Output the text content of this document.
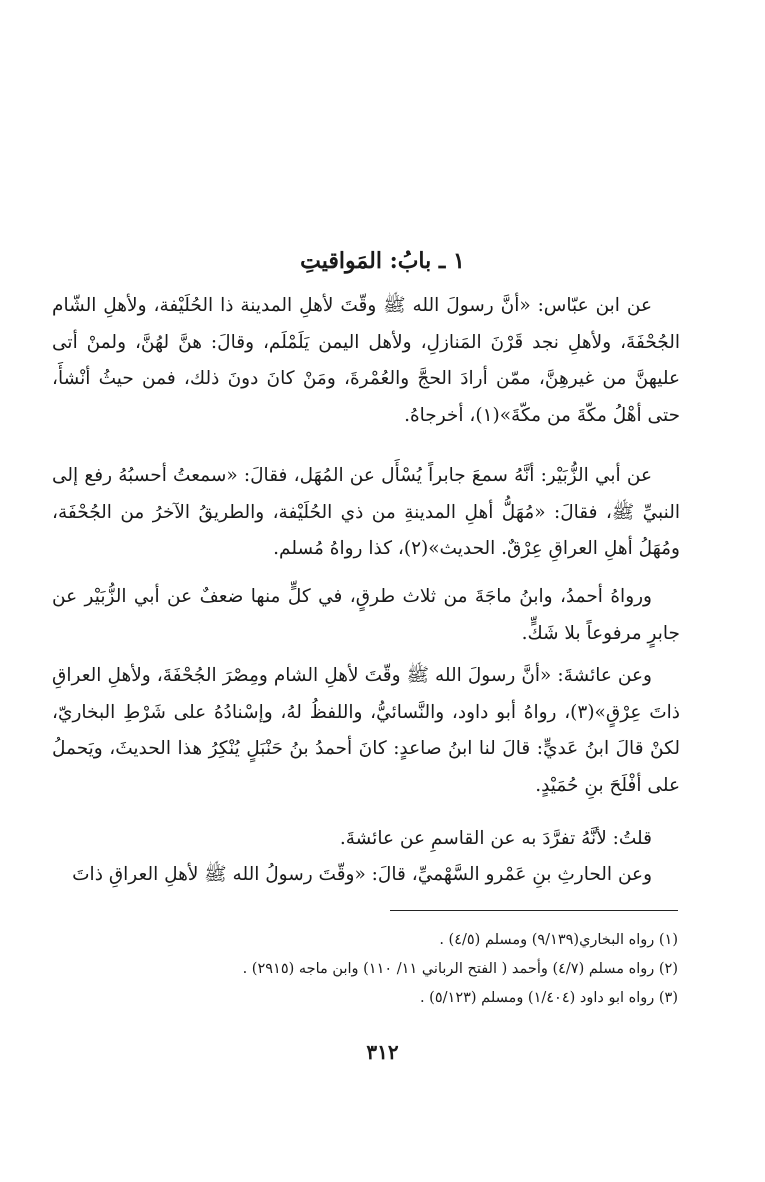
١ ـ بابُ: المَواقيتِ

عن ابن عبّاس: «أنَّ رسولَ الله ﷺ وقّتَ لأهلِ المدينة ذا الحُلَيْفة، ولأهلِ الشّام الجُحْفَةَ، ولأهلِ نجد قَرْنَ المَنازلِ، ولأهل اليمن يَلَمْلَم، وقالَ: هنَّ لهُنَّ، ولمنْ أتى عليهنَّ من غيرهِنَّ، ممّن أرادَ الحجَّ والعُمْرةَ، ومَنْ كانَ دونَ ذلك، فمن حيثُ أنْشأَ، حتى أهْلُ مكّةَ من مكّةَ»(١)، أخرجاهُ.

عن أبي الزُّبَيْر: أنَّهُ سمعَ جابراً يُسْأَل عن المُهَل، فقالَ: «سمعتُ أحسبُهُ رفع إلى النبيِّ ﷺ، فقالَ: «مُهَلُّ أهلِ المدينةِ من ذي الحُلَيْفة، والطريقُ الآخرُ من الجُحْفَة، ومُهَلُ أهلِ العراقِ عِرْقٌ. الحديث»(٢)، كذا رواهُ مُسلم.

ورواهُ أحمدُ، وابنُ ماجَةَ من ثلاث طرقٍ، في كلٍّ منها ضعفٌ عن أبي الزُّبَيْر عن جابرٍ مرفوعاً بلا شَكٍّ.

وعن عائشةَ: «أنَّ رسولَ الله ﷺ وقّتَ لأهلِ الشام ومِصْرَ الجُحْفَةَ، ولأهلِ العراقِ ذاتَ عِرْقٍ»(٣)، رواهُ أبو داود، والنَّسائيُّ، واللفظُ لهُ، وإسْنادُهُ على شَرْطِ البخاريّ، لكنْ قالَ ابنُ عَديٍّ: قالَ لنا ابنُ صاعدٍ: كانَ أحمدُ بنُ حَنْبَلٍ يُنْكِرُ هذا الحديثَ، ويَحملُ على أفْلَحَ بنِ حُمَيْدٍ.

قلتُ: لأنَّهُ تفرَّدَ به عن القاسمِ عن عائشةَ.

وعن الحارثِ بنِ عَمْرو السَّهْميِّ، قالَ: «وقّتَ رسولُ الله ﷺ لأهلِ العراقِ ذاتَ

(١) رواه البخاري(٩/١٣٩) ومسلم (٤/٥) .

(٢) رواه مسلم (٤/٧) وأحمد ( الفتح الرباني ١١/ ١١٠) وابن ماجه (٢٩١٥) .

(٣) رواه ابو داود (١/٤٠٤) ومسلم (٥/١٢٣) .

٣١٢
